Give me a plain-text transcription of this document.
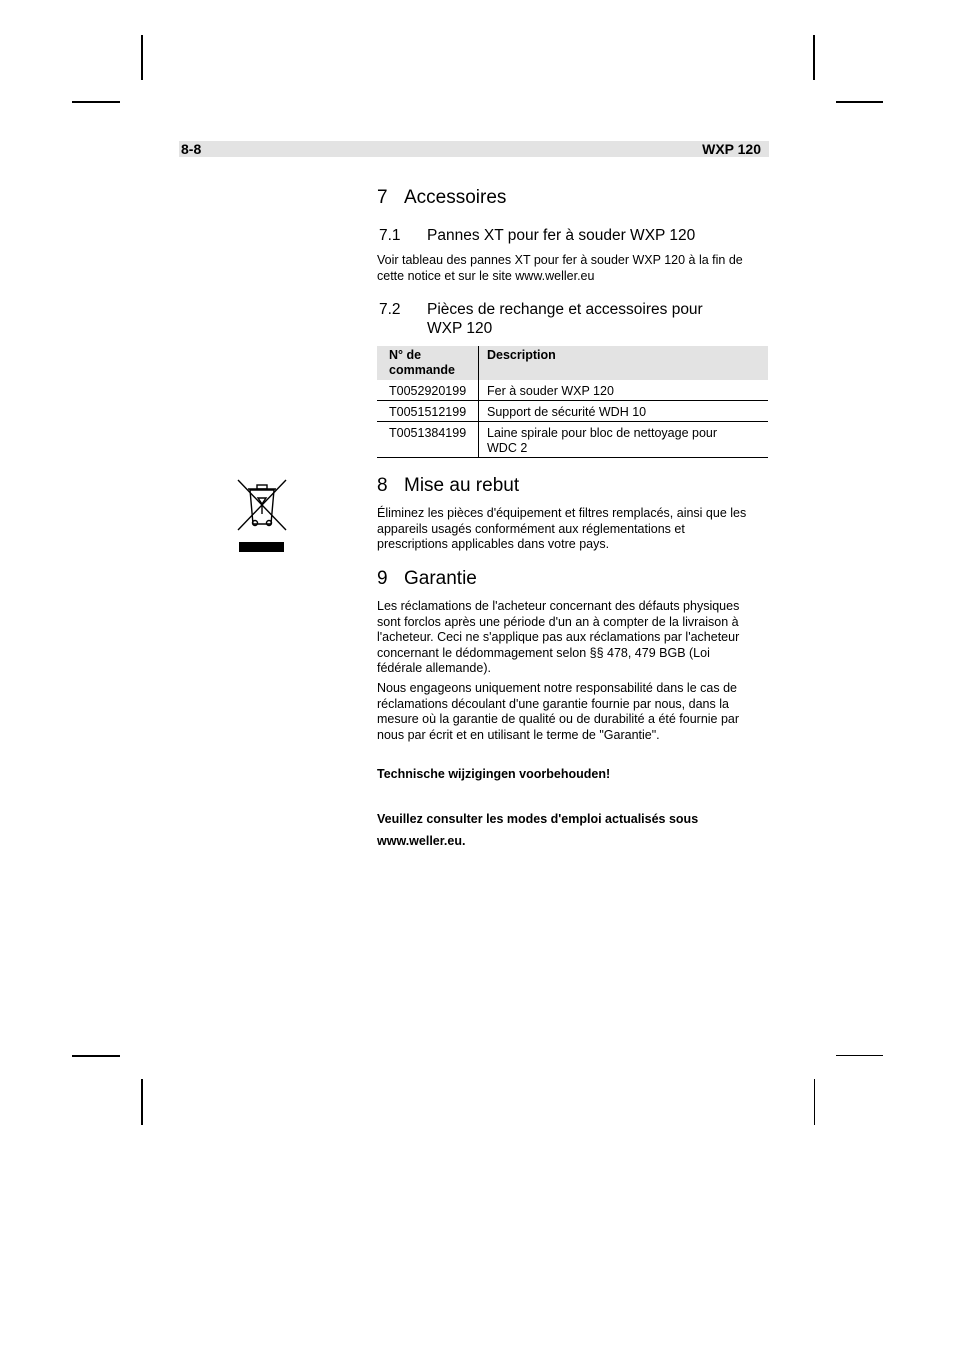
8-8	WXP 120
7 Accessoires
7.1 Pannes XT pour fer à souder WXP 120

Voir tableau des pannes XT pour fer à souder WXP 120 à la fin de
cette notice et sur le site www.weller.eu

7.2 Pièces de rechange et accessoires pour
WXP 120
N° de
commande	Description
T0052920199	Fer à souder WXP 120
T0051512199	Support de sécurité WDH 10
T0051384199	Laine spirale pour bloc de nettoyage pour
WDC 2
8 Mise au rebut

Éliminez les pièces d'équipement et filtres remplacés, ainsi que les
appareils usagés conformément aux réglementations et
prescriptions applicables dans votre pays.

9 Garantie

Les réclamations de l'acheteur concernant des défauts physiques
sont forclos après une période d'un an à compter de la livraison à
l'acheteur. Ceci ne s'applique pas aux réclamations par l'acheteur
concernant le dédommagement selon §§ 478, 479 BGB (Loi
fédérale allemande).

Nous engageons uniquement notre responsabilité dans le cas de
réclamations découlant d'une garantie fournie par nous, dans la
mesure où la garantie de qualité ou de durabilité a été fournie par
nous par écrit et en utilisant le terme de "Garantie".

Technische wijzigingen voorbehouden!
Veuillez consulter les modes d'emploi actualisés sous
www.weller.eu.
